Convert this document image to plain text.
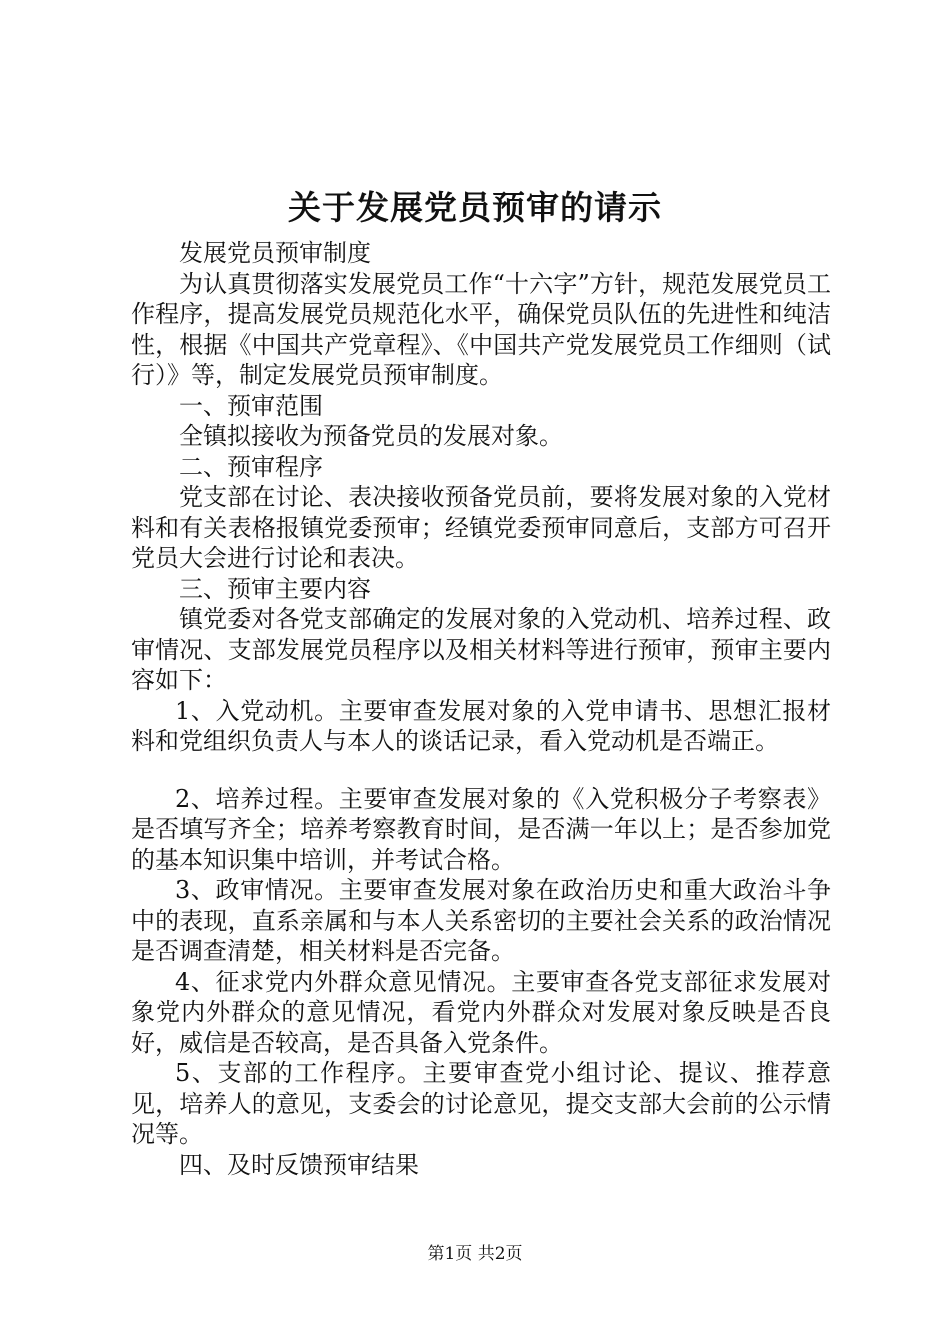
关于发展党员预审的请示

发展党员预审制度

为认真贯彻落实发展党员工作“十六字”方针，规范发展党员工作程序，提高发展党员规范化水平，确保党员队伍的先进性和纯洁性，根据《中国共产党章程》、《中国共产党发展党员工作细则（试行）》等，制定发展党员预审制度。

一、预审范围

全镇拟接收为预备党员的发展对象。

二、预审程序

党支部在讨论、表决接收预备党员前，要将发展对象的入党材料和有关表格报镇党委预审；经镇党委预审同意后，支部方可召开党员大会进行讨论和表决。

三、预审主要内容

镇党委对各党支部确定的发展对象的入党动机、培养过程、政审情况、支部发展党员程序以及相关材料等进行预审，预审主要内容如下：

1、入党动机。主要审查发展对象的入党申请书、思想汇报材料和党组织负责人与本人的谈话记录，看入党动机是否端正。

2、培养过程。主要审查发展对象的《入党积极分子考察表》是否填写齐全；培养考察教育时间，是否满一年以上；是否参加党的基本知识集中培训，并考试合格。

3、政审情况。主要审查发展对象在政治历史和重大政治斗争中的表现，直系亲属和与本人关系密切的主要社会关系的政治情况是否调查清楚，相关材料是否完备。

4、征求党内外群众意见情况。主要审查各党支部征求发展对象党内外群众的意见情况，看党内外群众对发展对象反映是否良好，威信是否较高，是否具备入党条件。

5、支部的工作程序。主要审查党小组讨论、提议、推荐意见，培养人的意见，支委会的讨论意见，提交支部大会前的公示情况等。

四、及时反馈预审结果

第1页 共2页
